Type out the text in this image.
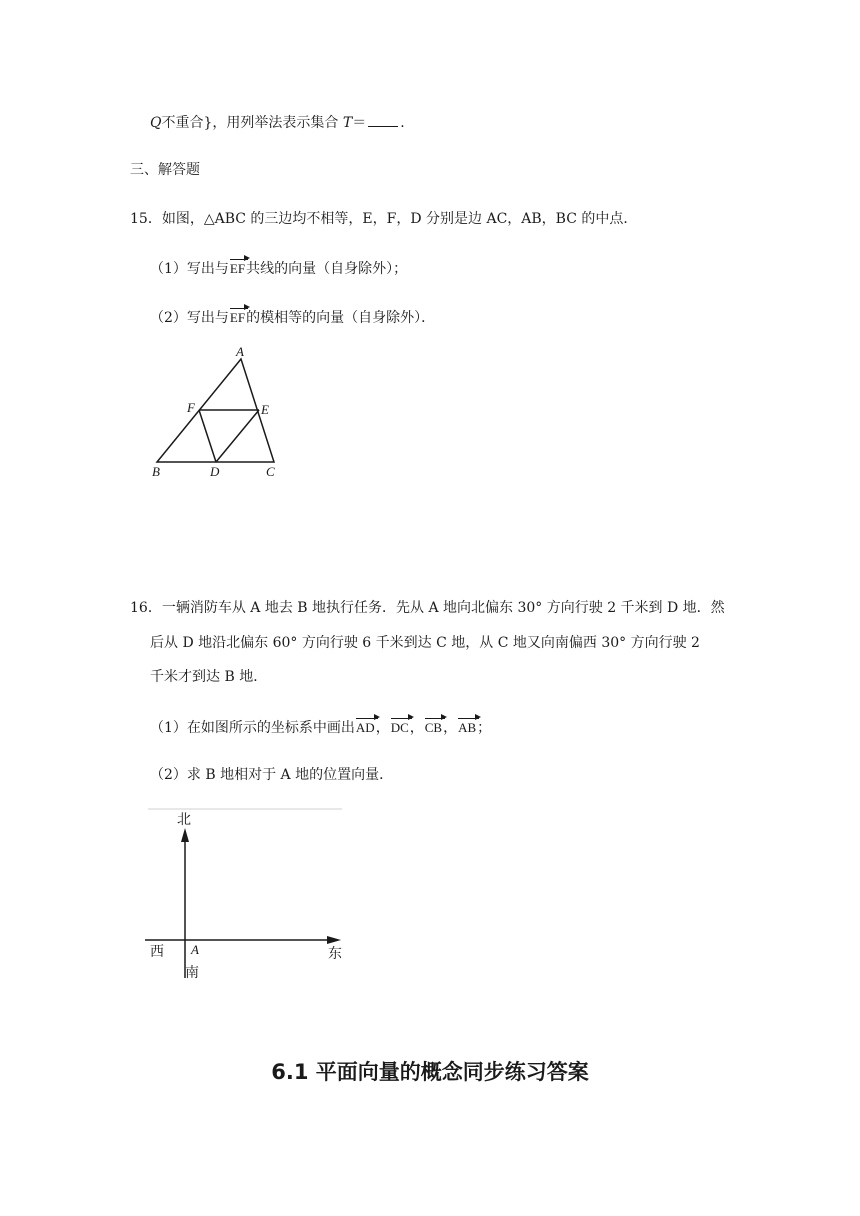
Q不重合}，用列举法表示集合 T＝ .
三、解答题
15．如图，△ABC 的三边均不相等，E，F，D 分别是边 AC，AB，BC 的中点．
（1）写出与
EF共线的向量（自身除外）；
（2）写出与
EF的模相等的向量（自身除外）．
A
F	E
B	D	C
16．一辆消防车从 A 地去 B 地执行任务．先从 A 地向北偏东 30° 方向行驶 2 千米到 D 地．然
后从 D 地沿北偏东 60° 方向行驶 6 千米到达 C 地，从 C 地又向南偏西 30° 方向行驶 2
千米才到达 B 地．
（1）在如图所示的坐标系中画出
AD，
DC，
CB，
AB；
（2）求 B 地相对于 A 地的位置向量．
北
西	东
南
A
6.1 平面向量的概念同步练习答案
